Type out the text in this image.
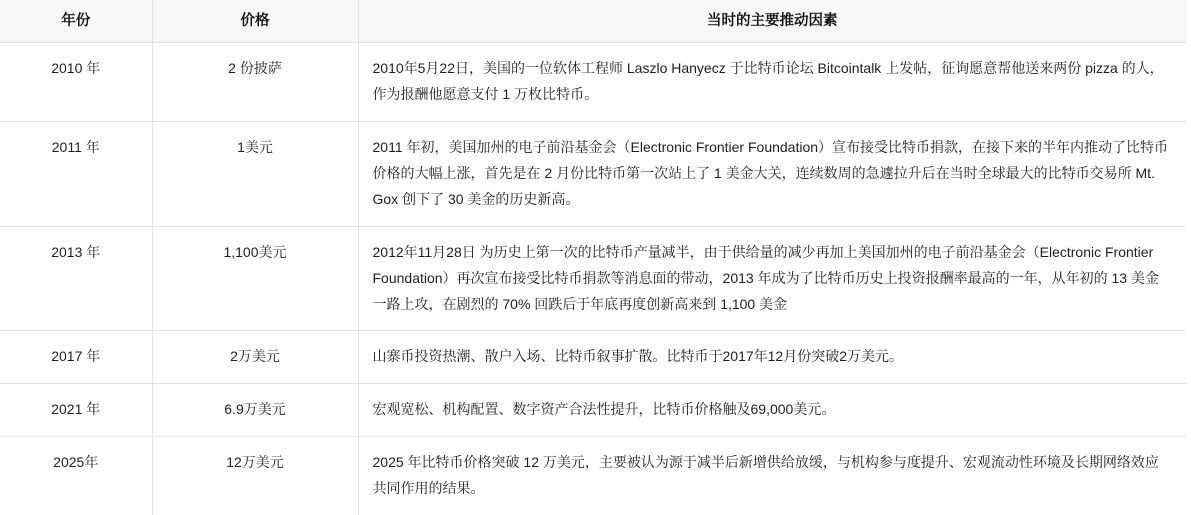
年份	价格	当时的主要推动因素
2010 年	2 份披萨	2010年5月22日，美国的一位软体工程师 Laszlo Hanyecz 于比特币论坛 Bitcointalk 上发帖，征询愿意帮他送来两份 pizza 的人，作为报酬他愿意支付 1 万枚比特币。
2011 年	1美元	2011 年初，美国加州的电子前沿基金会（Electronic Frontier Foundation）宣布接受比特币捐款，在接下来的半年内推动了比特币价格的大幅上涨，首先是在 2 月份比特币第一次站上了 1 美金大关，连续数周的急遽拉升后在当时全球最大的比特币交易所 Mt. Gox 创下了 30 美金的历史新高。
2013 年	1,100美元	2012年11月28日 为历史上第一次的比特币产量减半，由于供给量的减少再加上美国加州的电子前沿基金会（Electronic Frontier Foundation）再次宣布接受比特币捐款等消息面的带动，2013 年成为了比特币历史上投资报酬率最高的一年，从年初的 13 美金一路上攻，在剧烈的 70% 回跌后于年底再度创新高来到 1,100 美金
2017 年	2万美元	山寨币投资热潮、散户入场、比特币叙事扩散。比特币于2017年12月份突破2万美元。
2021 年	6.9万美元	宏观宽松、机构配置、数字资产合法性提升，比特币价格触及69,000美元。
2025年	12万美元	2025 年比特币价格突破 12 万美元，主要被认为源于减半后新增供给放缓，与机构参与度提升、宏观流动性环境及长期网络效应共同作用的结果。
